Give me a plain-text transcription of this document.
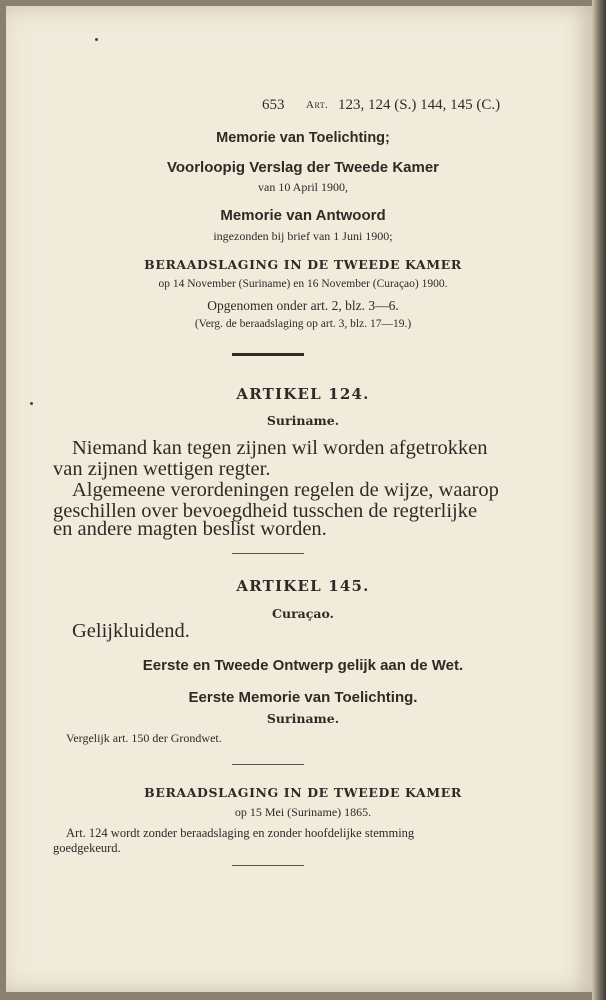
653 Art. 123, 124 (S.) 144, 145 (C.)
Memorie van Toelichting;
Voorloopig Verslag der Tweede Kamer
van 10 April 1900,
Memorie van Antwoord
ingezonden bij brief van 1 Juni 1900;
BERAADSLAGING IN DE TWEEDE KAMER
op 14 November (Suriname) en 16 November (Curaçao) 1900.
Opgenomen onder art. 2, blz. 3—6.
(Verg. de beraadslaging op art. 3, blz. 17—19.)
ARTIKEL 124.
Suriname.
Niemand kan tegen zijnen wil worden afgetrokken
van zijnen wettigen regter.
Algemeene verordeningen regelen de wijze, waarop
geschillen over bevoegdheid tusschen de regterlijke
en andere magten beslist worden.
ARTIKEL 145.
Curaçao.
Gelijkluidend.
Eerste en Tweede Ontwerp gelijk aan de Wet.
Eerste Memorie van Toelichting.
Suriname.
Vergelijk art. 150 der Grondwet.
BERAADSLAGING IN DE TWEEDE KAMER
op 15 Mei (Suriname) 1865.
Art. 124 wordt zonder beraadslaging en zonder hoofdelijke stemming
goedgekeurd.
